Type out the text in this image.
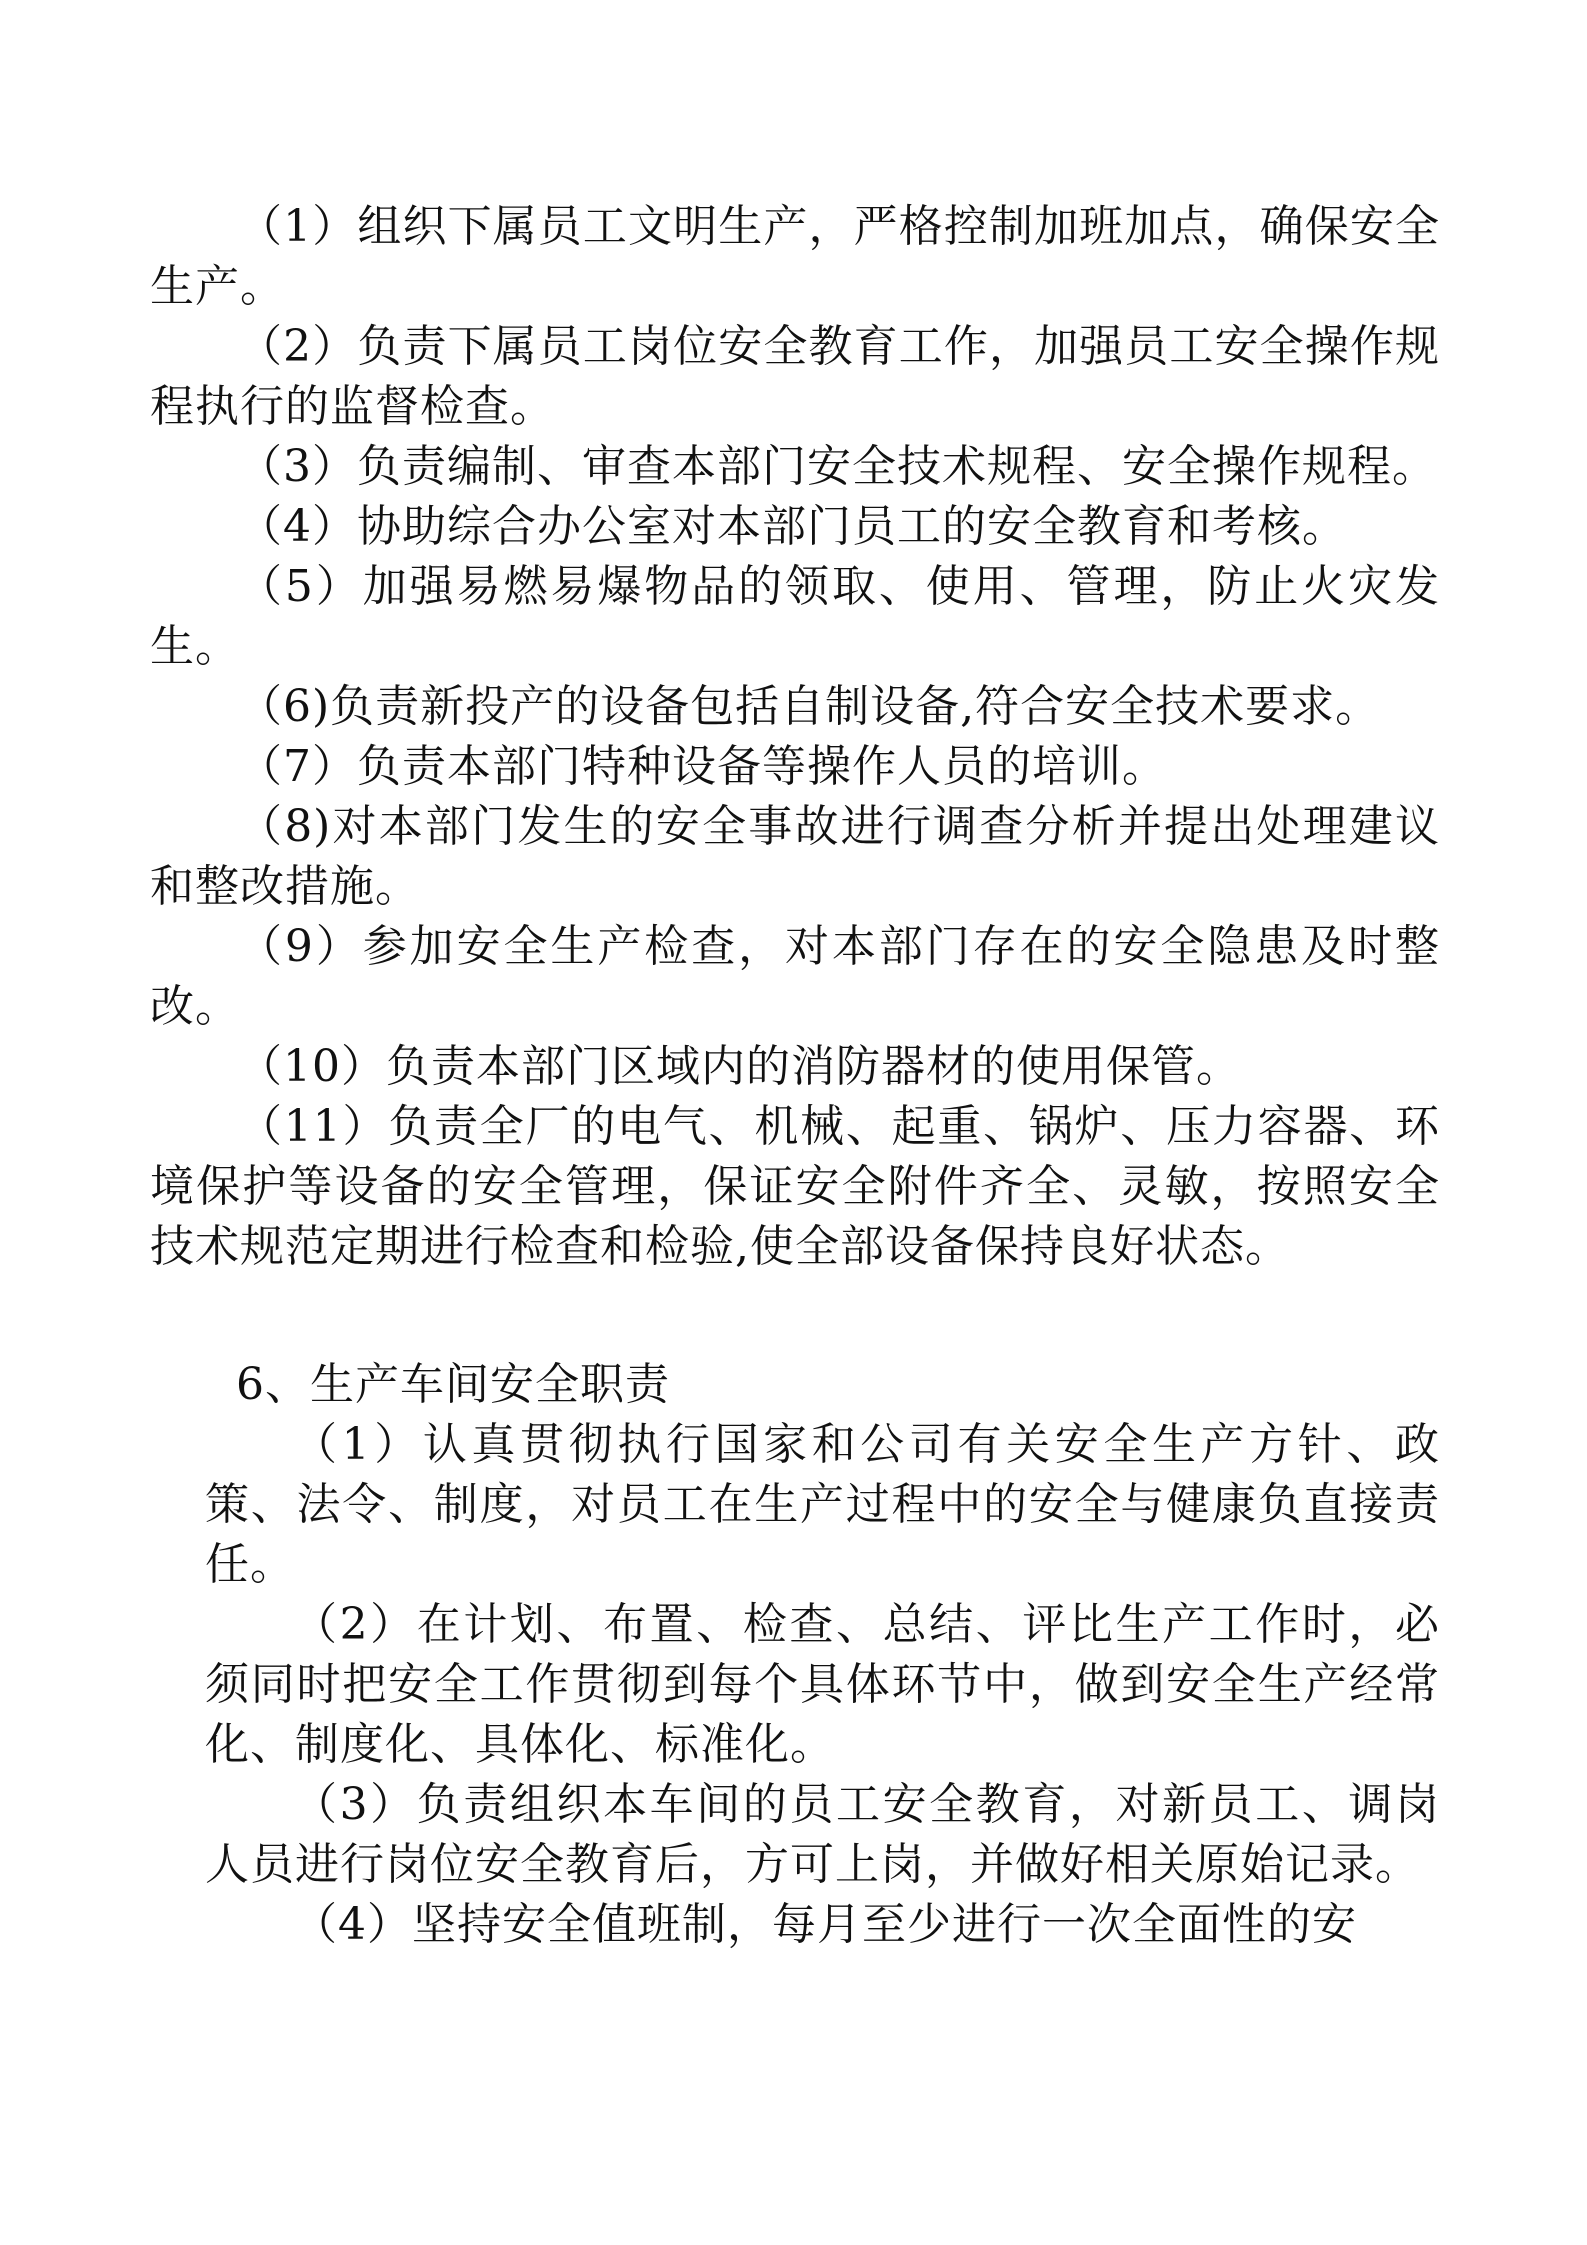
（1）组织下属员工文明生产，严格控制加班加点，确保安全生产。

（2）负责下属员工岗位安全教育工作，加强员工安全操作规程执行的监督检查。

（3）负责编制、审查本部门安全技术规程、安全操作规程。

（4）协助综合办公室对本部门员工的安全教育和考核。

（5）加强易燃易爆物品的领取、使用、管理，防止火灾发生。

（6)负责新投产的设备包括自制设备,符合安全技术要求。

（7）负责本部门特种设备等操作人员的培训。

（8)对本部门发生的安全事故进行调查分析并提出处理建议和整改措施。

（9）参加安全生产检查，对本部门存在的安全隐患及时整改。

（10）负责本部门区域内的消防器材的使用保管。

（11）负责全厂的电气、机械、起重、锅炉、压力容器、环境保护等设备的安全管理，保证安全附件齐全、灵敏，按照安全技术规范定期进行检查和检验,使全部设备保持良好状态。

6、生产车间安全职责

（1）认真贯彻执行国家和公司有关安全生产方针、政策、法令、制度，对员工在生产过程中的安全与健康负直接责任。

（2）在计划、布置、检查、总结、评比生产工作时，必须同时把安全工作贯彻到每个具体环节中，做到安全生产经常化、制度化、具体化、标准化。

（3）负责组织本车间的员工安全教育，对新员工、调岗人员进行岗位安全教育后，方可上岗，并做好相关原始记录。

（4）坚持安全值班制，每月至少进行一次全面性的安
